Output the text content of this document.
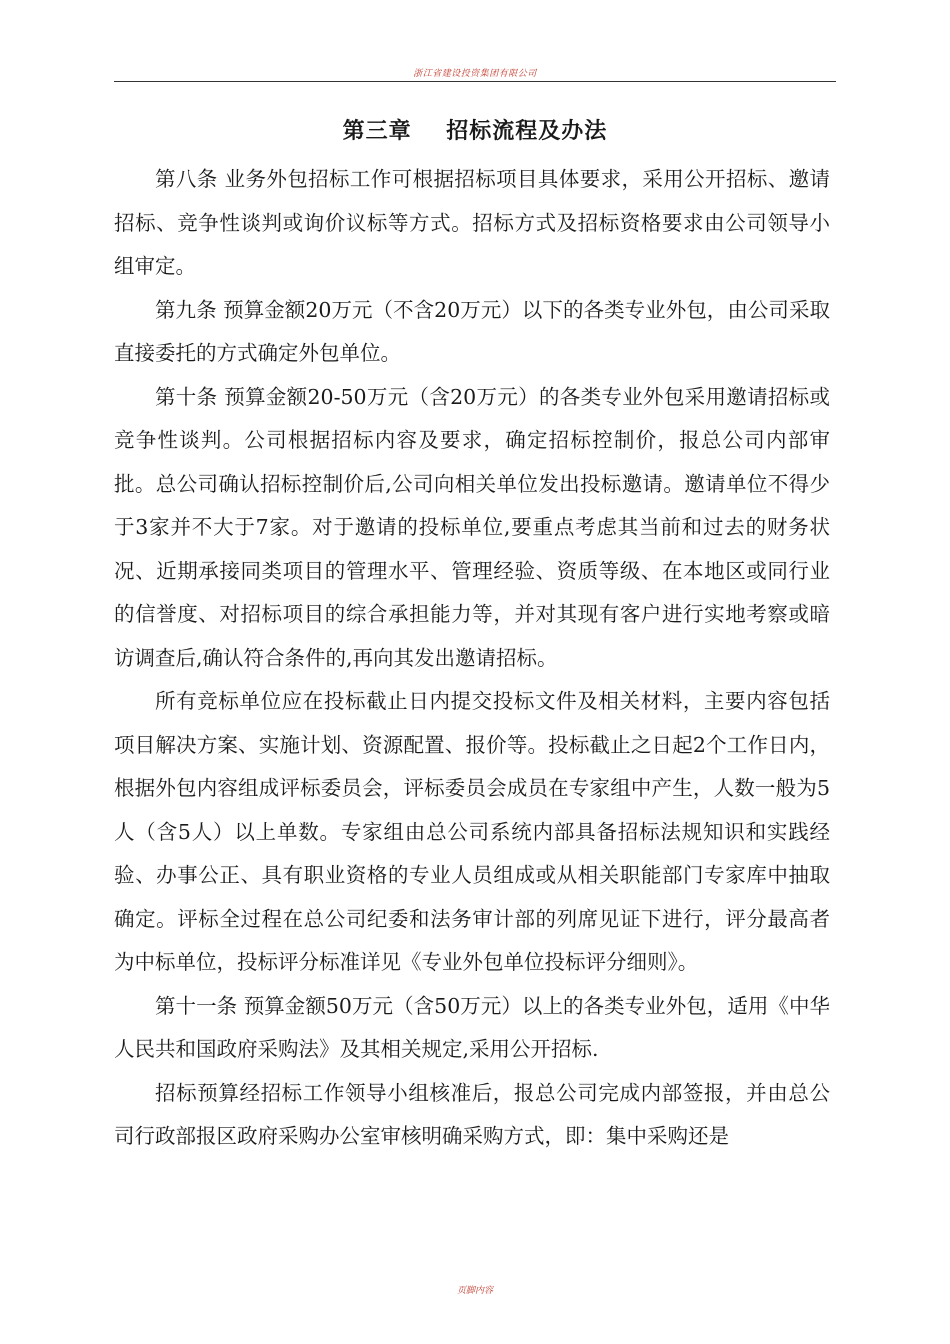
浙江省建设投资集团有限公司
第三章    招标流程及办法

第八条 业务外包招标工作可根据招标项目具体要求，采用公开招标、邀请招标、竞争性谈判或询价议标等方式。招标方式及招标资格要求由公司领导小组审定。

第九条 预算金额20万元（不含20万元）以下的各类专业外包，由公司采取直接委托的方式确定外包单位。

第十条 预算金额20-50万元（含20万元）的各类专业外包采用邀请招标或竞争性谈判。公司根据招标内容及要求，确定招标控制价，报总公司内部审批。总公司确认招标控制价后,公司向相关单位发出投标邀请。邀请单位不得少于3家并不大于7家。对于邀请的投标单位,要重点考虑其当前和过去的财务状况、近期承接同类项目的管理水平、管理经验、资质等级、在本地区或同行业的信誉度、对招标项目的综合承担能力等，并对其现有客户进行实地考察或暗访调查后,确认符合条件的,再向其发出邀请招标。

所有竞标单位应在投标截止日内提交投标文件及相关材料，主要内容包括项目解决方案、实施计划、资源配置、报价等。投标截止之日起2个工作日内，根据外包内容组成评标委员会，评标委员会成员在专家组中产生，人数一般为5人（含5人）以上单数。专家组由总公司系统内部具备招标法规知识和实践经验、办事公正、具有职业资格的专业人员组成或从相关职能部门专家库中抽取确定。评标全过程在总公司纪委和法务审计部的列席见证下进行，评分最高者为中标单位，投标评分标准详见《专业外包单位投标评分细则》。

第十一条 预算金额50万元（含50万元）以上的各类专业外包，适用《中华人民共和国政府采购法》及其相关规定,采用公开招标.

招标预算经招标工作领导小组核准后，报总公司完成内部签报，并由总公司行政部报区政府采购办公室审核明确采购方式，即：集中采购还是

页脚内容
